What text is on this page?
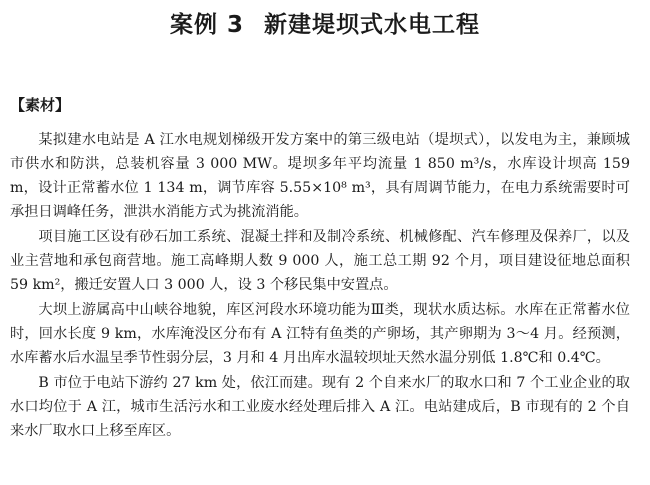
案例 3 新建堤坝式水电工程
【素材】

某拟建水电站是 A 江水电规划梯级开发方案中的第三级电站（堤坝式），以发电为主，兼顾城市供水和防洪，总装机容量 3 000 MW。堤坝多年平均流量 1 850 m³/s，水库设计坝高 159 m，设计正常蓄水位 1 134 m，调节库容 5.55×10⁸ m³，具有周调节能力，在电力系统需要时可承担日调峰任务，泄洪水消能方式为挑流消能。

项目施工区设有砂石加工系统、混凝土拌和及制冷系统、机械修配、汽车修理及保养厂，以及业主营地和承包商营地。施工高峰期人数 9 000 人，施工总工期 92 个月，项目建设征地总面积 59 km²，搬迁安置人口 3 000 人，设 3 个移民集中安置点。

大坝上游属高中山峡谷地貌，库区河段水环境功能为Ⅲ类，现状水质达标。水库在正常蓄水位时，回水长度 9 km，水库淹没区分布有 A 江特有鱼类的产卵场，其产卵期为 3～4 月。经预测，水库蓄水后水温呈季节性弱分层，3 月和 4 月出库水温较坝址天然水温分别低 1.8℃和 0.4℃。

B 市位于电站下游约 27 km 处，依江而建。现有 2 个自来水厂的取水口和 7 个工业企业的取水口均位于 A 江，城市生活污水和工业废水经处理后排入 A 江。电站建成后，B 市现有的 2 个自来水厂取水口上移至库区。
